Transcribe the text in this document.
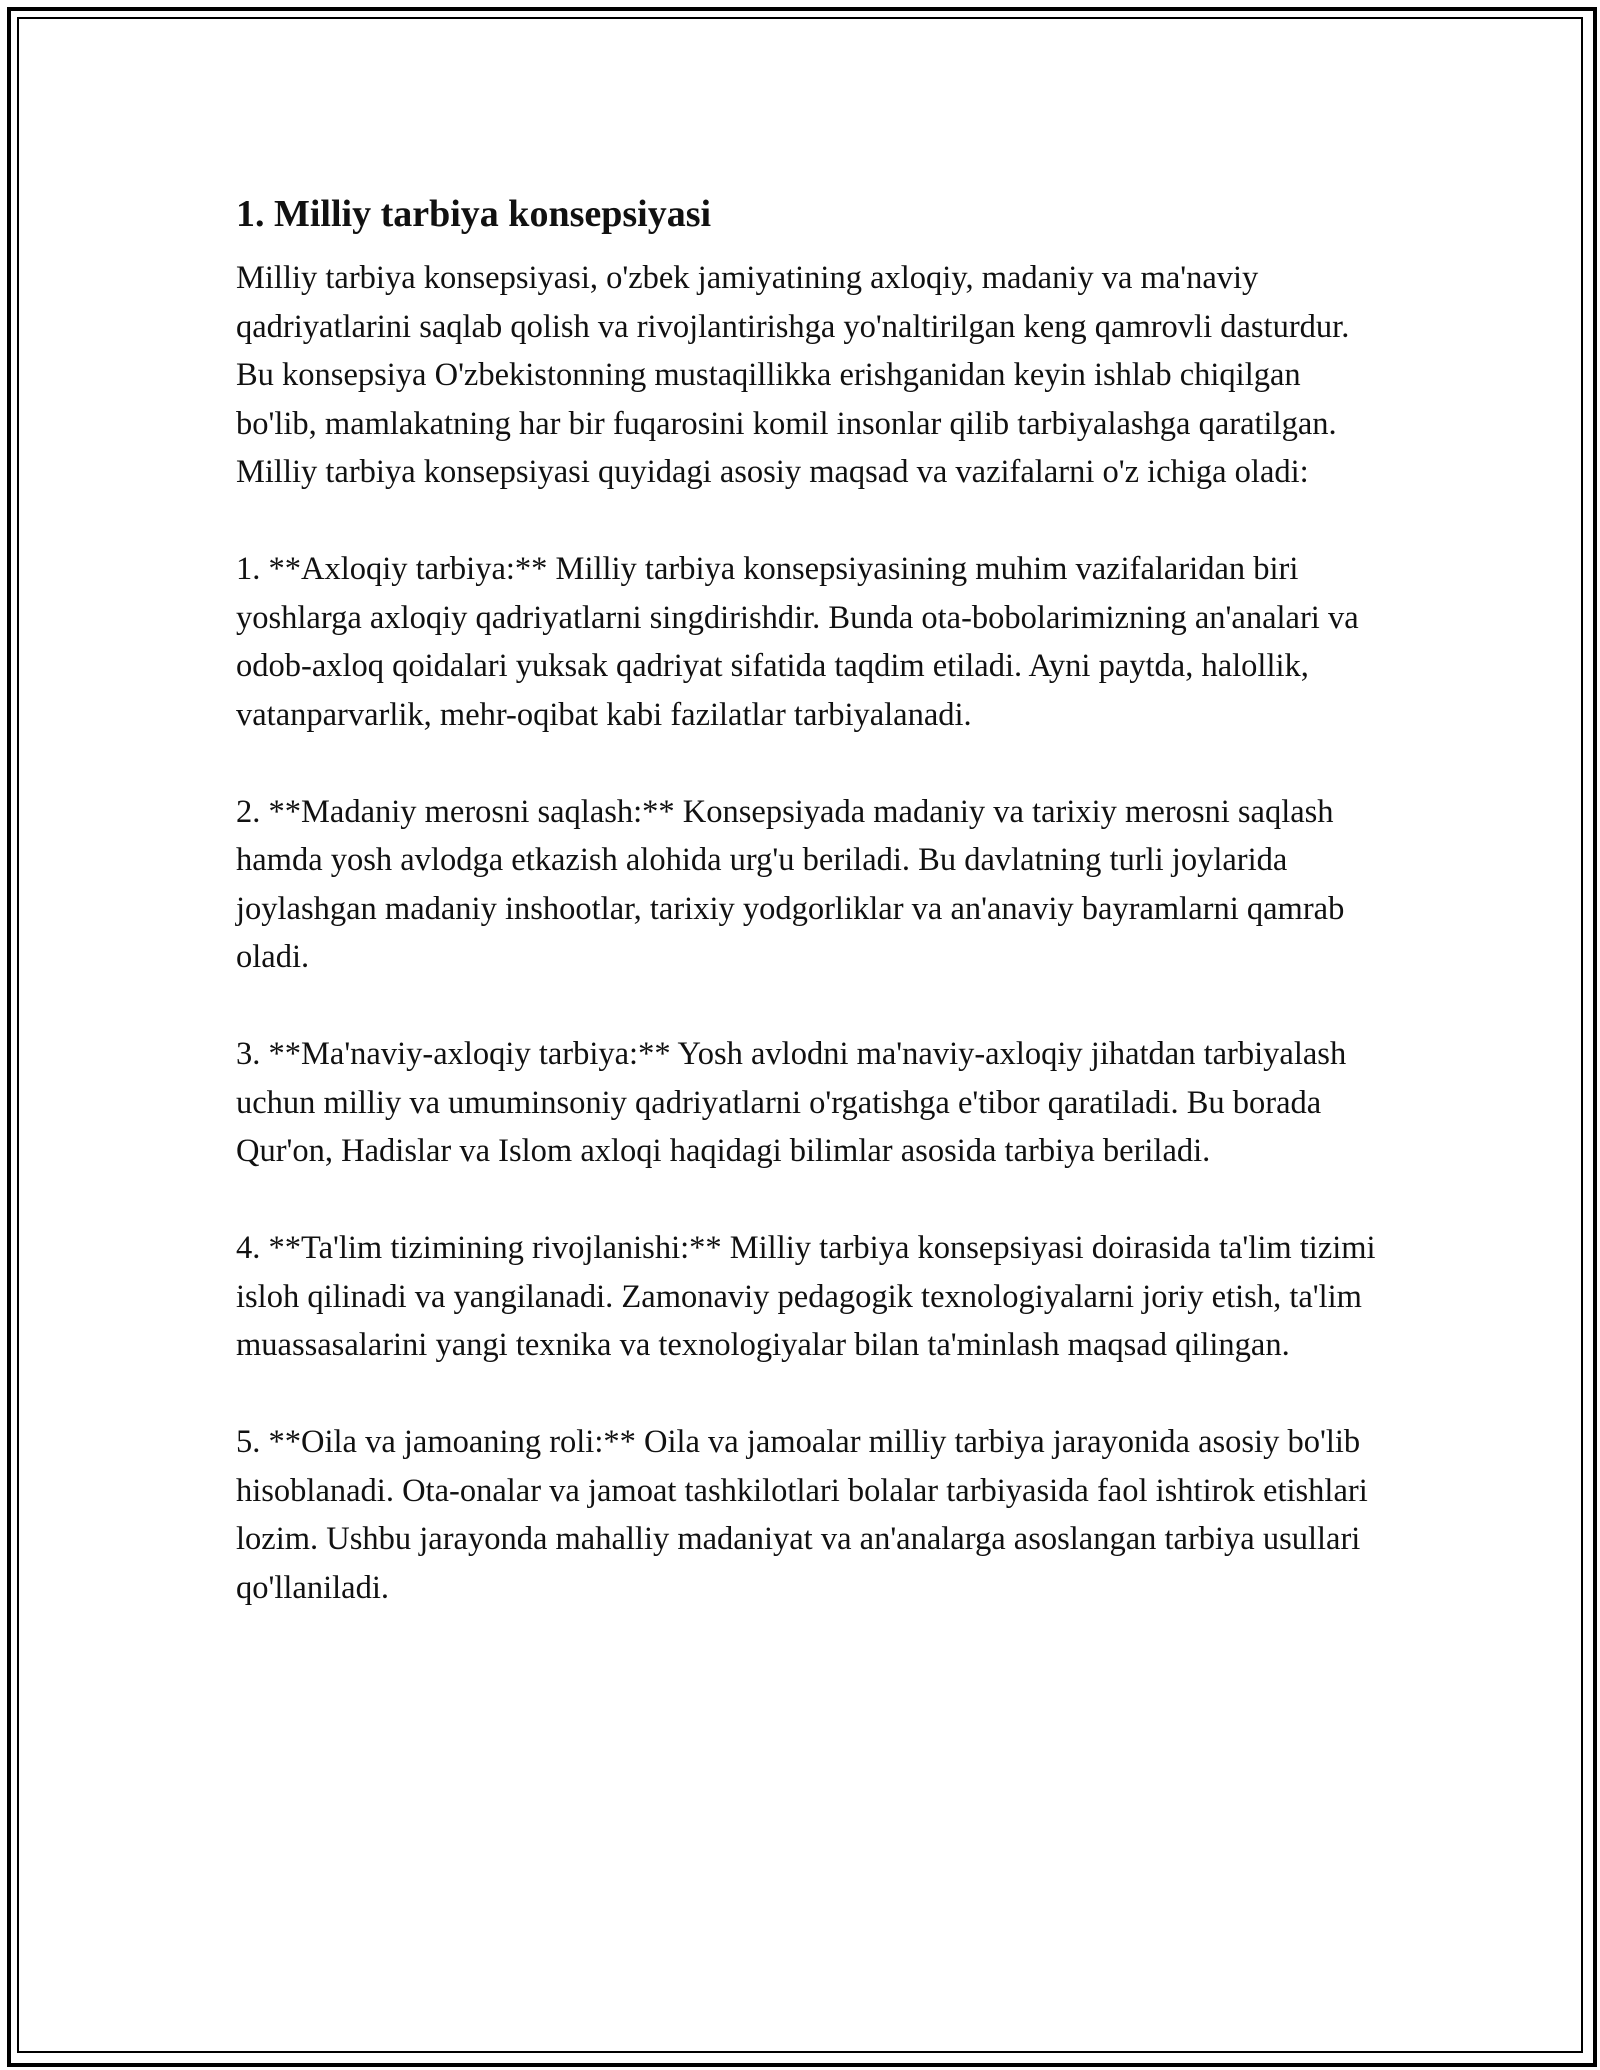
1. Milliy tarbiya konsepsiyasi

Milliy tarbiya konsepsiyasi, o'zbek jamiyatining axloqiy, madaniy va ma'naviy qadriyatlarini saqlab qolish va rivojlantirishga yo'naltirilgan keng qamrovli dasturdur. Bu konsepsiya O'zbekistonning mustaqillikka erishganidan keyin ishlab chiqilgan bo'lib, mamlakatning har bir fuqarosini komil insonlar qilib tarbiyalashga qaratilgan. Milliy tarbiya konsepsiyasi quyidagi asosiy maqsad va vazifalarni o'z ichiga oladi:

1. **Axloqiy tarbiya:** Milliy tarbiya konsepsiyasining muhim vazifalaridan biri yoshlarga axloqiy qadriyatlarni singdirishdir. Bunda ota-bobolarimizning an'analari va odob-axloq qoidalari yuksak qadriyat sifatida taqdim etiladi. Ayni paytda, halollik, vatanparvarlik, mehr-oqibat kabi fazilatlar tarbiyalanadi.

2. **Madaniy merosni saqlash:** Konsepsiyada madaniy va tarixiy merosni saqlash hamda yosh avlodga etkazish alohida urg'u beriladi. Bu davlatning turli joylarida joylashgan madaniy inshootlar, tarixiy yodgorliklar va an'anaviy bayramlarni qamrab oladi.

3. **Ma'naviy-axloqiy tarbiya:** Yosh avlodni ma'naviy-axloqiy jihatdan tarbiyalash uchun milliy va umuminsoniy qadriyatlarni o'rgatishga e'tibor qaratiladi. Bu borada Qur'on, Hadislar va Islom axloqi haqidagi bilimlar asosida tarbiya beriladi.

4. **Ta'lim tizimining rivojlanishi:** Milliy tarbiya konsepsiyasi doirasida ta'lim tizimi isloh qilinadi va yangilanadi. Zamonaviy pedagogik texnologiyalarni joriy etish, ta'lim muassasalarini yangi texnika va texnologiyalar bilan ta'minlash maqsad qilingan.

5. **Oila va jamoaning roli:** Oila va jamoalar milliy tarbiya jarayonida asosiy bo'lib hisoblanadi. Ota-onalar va jamoat tashkilotlari bolalar tarbiyasida faol ishtirok etishlari lozim. Ushbu jarayonda mahalliy madaniyat va an'analarga asoslangan tarbiya usullari qo'llaniladi.
